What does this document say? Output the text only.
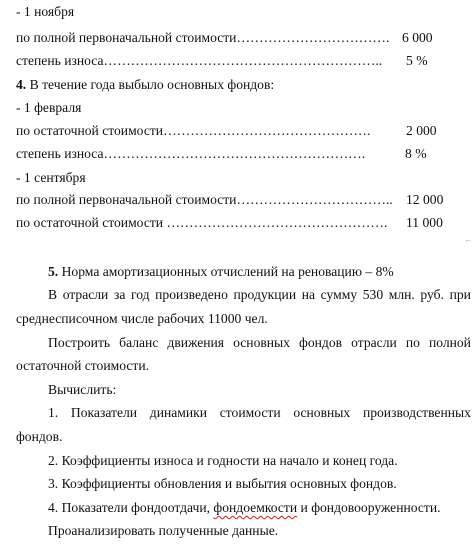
- 1 ноября
по полной первоначальной стоимости……………………………. 6 000
степень износа…………………………………………………….. 5 %
4. В течение года выбыло основных фондов:
- 1 февраля
по остаточной стоимости……………………………………….	2 000
степень износа………………………………………………….	8 %
- 1 сентября
по полной первоначальной стоимости…………………………….. 12 000
по остаточной стоимости …………………………………………. 11 000
⌐
5. Норма амортизационных отчислений на реновацию – 8%
В отрасли за год произведено продукции на сумму 530 млн. руб. при
среднесписочном числе рабочих 11000 чел.
Построить баланс движения основных фондов отрасли по полной
остаточной стоимости.
Вычислить:
1. Показатели динамики стоимости основных производственных
фондов.
2. Коэффициенты износа и годности на начало и конец года.
3. Коэффициенты обновления и выбытия основных фондов.
4. Показатели фондоотдачи, фондоемкости и фондовооруженности.
Проанализировать полученные данные.
